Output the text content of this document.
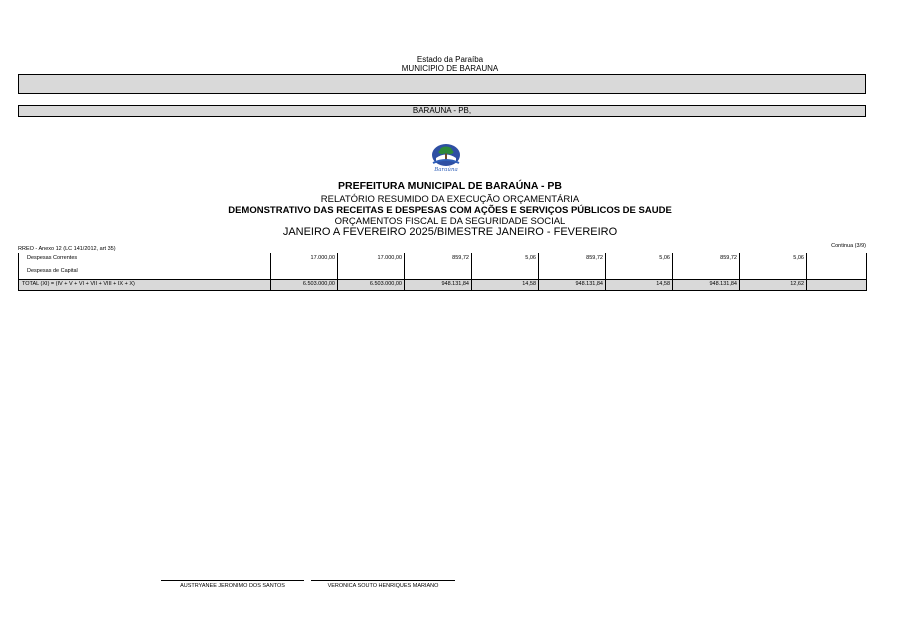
Estado da Paraíba
MUNICIPIO DE BARAUNA
BARAUNA - PB,
Baraúna
PREFEITURA MUNICIPAL DE BARAÚNA - PB
RELATÓRIO RESUMIDO DA EXECUÇÃO ORÇAMENTÁRIA
DEMONSTRATIVO DAS RECEITAS E DESPESAS COM AÇÕES E SERVIÇOS PÚBLICOS DE SAUDE
ORÇAMENTOS FISCAL E DA SEGURIDADE SOCIAL
JANEIRO A FEVEREIRO 2025/BIMESTRE JANEIRO - FEVEREIRO
RREO - Anexo 12 (LC 141/2012, art 35)	Continua (3/9)
Despesas Correntes	17.000,00	17.000,00	859,72	5,06	859,72	5,06	859,72	5,06	
Despesas de Capital									
TOTAL (XI) = (IV + V + VI + VII + VIII + IX + X)	6.503.000,00	6.503.000,00	948.131,84	14,58	948.131,84	14,58	948.131,84	12,62	
AUSTRYANEE JERONIMO DOS SANTOS	VERONICA SOUTO HENRIQUES MARIANO
